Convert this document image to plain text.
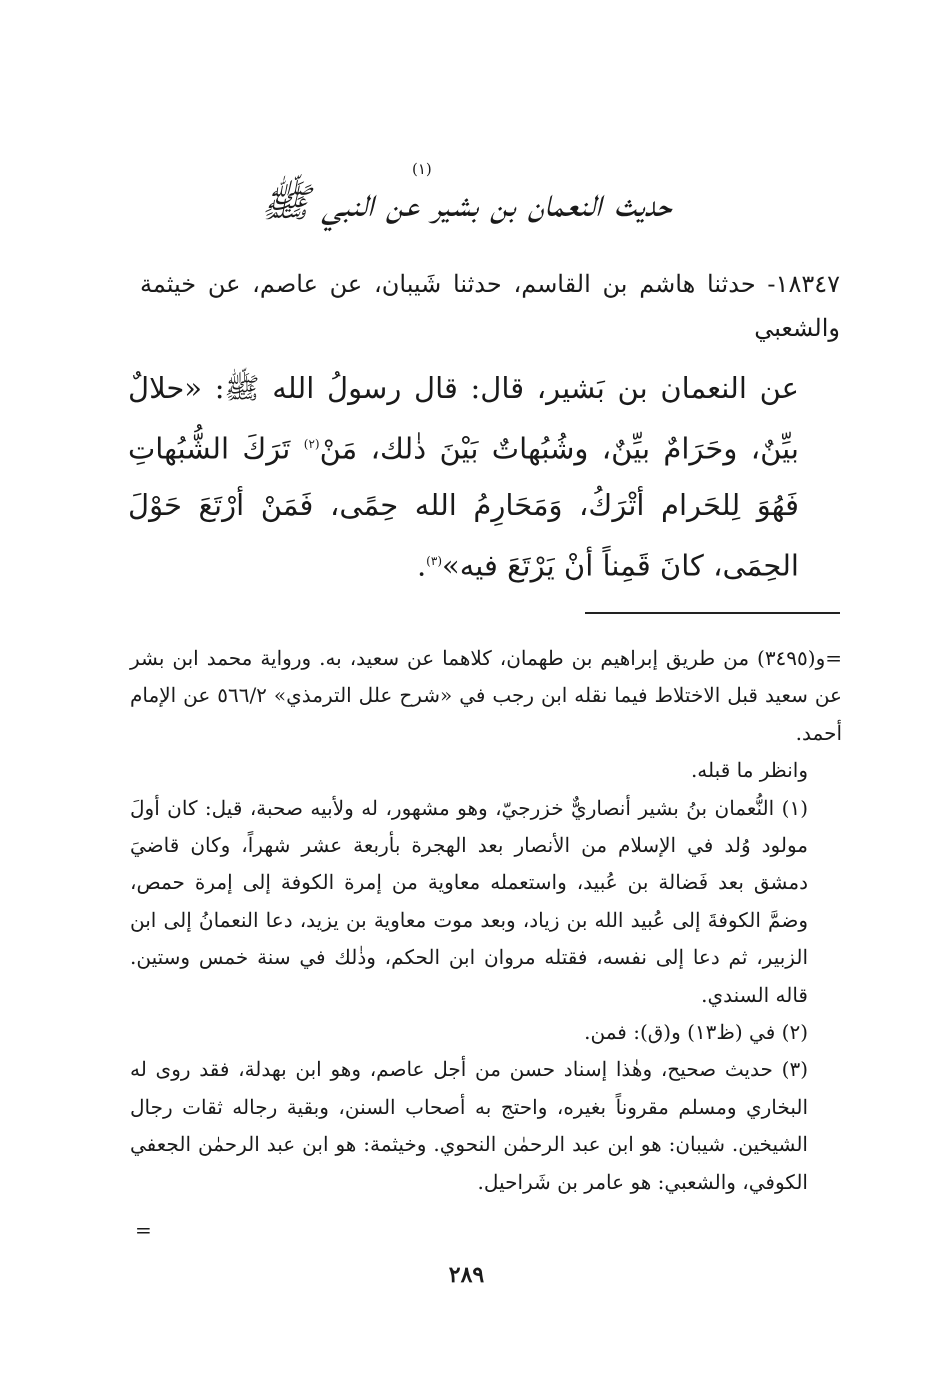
حديث النعمان بن بشير عن النبي ﷺ
(١)
١٨٣٤٧- حدثنا هاشم بن القاسم، حدثنا شَيبان، عن عاصم، عن خيثمة والشعبي

عن النعمان بن بَشير، قال: قال رسولُ الله ﷺ: «حلالٌ بيِّنٌ، وحَرَامٌ بيِّنٌ، وشُبُهاتٌ بَيْنَ ذٰلك، مَنْ$^{(٢)}$ تَرَكَ الشُّبُهاتِ فَهُوَ لِلحَرام أتْرَكُ، وَمَحَارِمُ الله حِمًى، فَمَنْ أرْتَعَ حَوْلَ الحِمَى، كانَ قَمِناً أنْ يَرْتَعَ فيه»$^{(٣)}$.

=و(٣٤٩٥) من طريق إبراهيم بن طهمان، كلاهما عن سعيد، به. ورواية محمد ابن بشر عن سعيد قبل الاختلاط فيما نقله ابن رجب في «شرح علل الترمذي» ٥٦٦/٢ عن الإمام أحمد.

وانظر ما قبله.

(١) النُّعمان بنُ بشير أنصاريٌّ خزرجيّ، وهو مشهور، له ولأبيه صحبة، قيل: كان أولَ مولود وُلد في الإسلام من الأنصار بعد الهجرة بأربعة عشر شهراً، وكان قاضيَ دمشق بعد فَضالة بن عُبيد، واستعمله معاوية من إمرة الكوفة إلى إمرة حمص، وضمَّ الكوفةَ إلى عُبيد الله بن زياد، وبعد موت معاوية بن يزيد، دعا النعمانُ إلى ابن الزبير، ثم دعا إلى نفسه، فقتله مروان ابن الحكم، وذٰلك في سنة خمس وستين. قاله السندي.

(٢) في (ظ١٣) و(ق): فمن.

(٣) حديث صحيح، وهٰذا إسناد حسن من أجل عاصم، وهو ابن بهدلة، فقد روى له البخاري ومسلم مقروناً بغيره، واحتج به أصحاب السنن، وبقية رجاله ثقات رجال الشيخين. شيبان: هو ابن عبد الرحمٰن النحوي. وخيثمة: هو ابن عبد الرحمٰن الجعفي الكوفي، والشعبي: هو عامر بن شَراحيل.

=
٢٨٩
